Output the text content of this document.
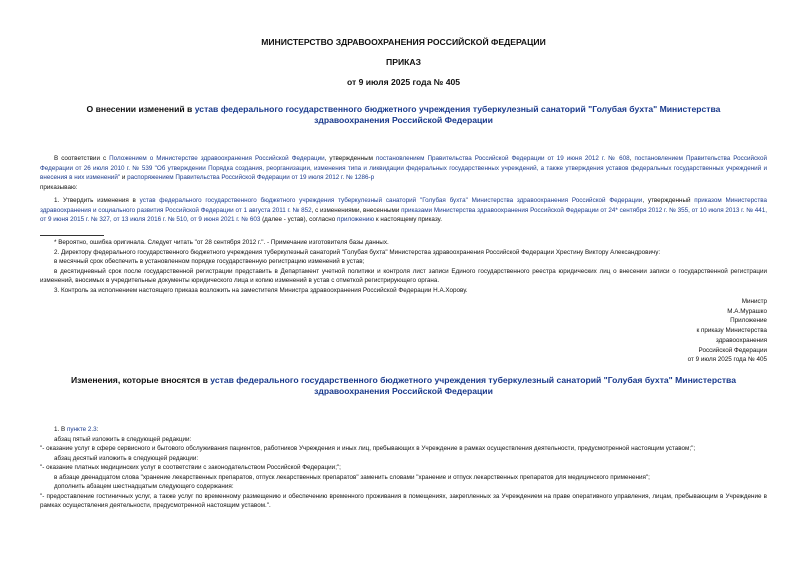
МИНИСТЕРСТВО ЗДРАВООХРАНЕНИЯ РОССИЙСКОЙ ФЕДЕРАЦИИ
ПРИКАЗ
от 9 июля 2025 года № 405
О внесении изменений в устав федерального государственного бюджетного учреждения туберкулезный санаторий "Голубая бухта" Министерства здравоохранения Российской Федерации

В соответствии с Положением о Министерстве здравоохранения Российской Федерации, утвержденным постановлением Правительства Российской Федерации от 19 июня 2012 г. № 608, постановлением Правительства Российской Федерации от 26 июля 2010 г. № 539 "Об утверждении Порядка создания, реорганизации, изменения типа и ликвидации федеральных государственных учреждений, а также утверждения уставов федеральных государственных учреждений и внесения в них изменений" и распоряжением Правительства Российской Федерации от 19 июля 2012 г. № 1286-р

приказываю:

1. Утвердить изменения в устав федерального государственного бюджетного учреждения туберкулезный санаторий "Голубая бухта" Министерства здравоохранения Российской Федерации, утвержденный приказом Министерства здравоохранения и социального развития Российской Федерации от 1 августа 2011 г. № 852, с изменениями, внесенными приказами Министерства здравоохранения Российской Федерации от 24* сентября 2012 г. № 355, от 10 июля 2013 г. № 441, от 9 июня 2015 г. № 327, от 13 июля 2016 г. № 510, от 9 июня 2021 г. № 603 (далее - устав), согласно приложению к настоящему приказу.

* Вероятно, ошибка оригинала. Следует читать "от 28 сентября 2012 г.". - Примечание изготовителя базы данных.

2. Директору федерального государственного бюджетного учреждения туберкулезный санаторий "Голубая бухта" Министерства здравоохранения Российской Федерации Хрестину Виктору Александровичу:

в месячный срок обеспечить в установленном порядке государственную регистрацию изменений в устав;

в десятидневный срок после государственной регистрации представить в Департамент учетной политики и контроля лист записи Единого государственного реестра юридических лиц о внесении записи о государственной регистрации изменений, вносимых в учредительные документы юридического лица и копию изменений в устав с отметкой регистрирующего органа.

3. Контроль за исполнением настоящего приказа возложить на заместителя Министра здравоохранения Российской Федерации Н.А.Хорову.

Министр
М.А.Мурашко
Приложение
к приказу Министерства
здравоохранения
Российской Федерации
от 9 июля 2025 года № 405
Изменения, которые вносятся в устав федерального государственного бюджетного учреждения туберкулезный санаторий "Голубая бухта" Министерства здравоохранения Российской Федерации

1. В пункте 2.3:

абзац пятый изложить в следующей редакции:

"- оказание услуг в сфере сервисного и бытового обслуживания пациентов, работников Учреждения и иных лиц, пребывающих в Учреждение в рамках осуществления деятельности, предусмотренной настоящим уставом;";

абзац десятый изложить в следующей редакции:

"- оказание платных медицинских услуг в соответствии с законодательством Российской Федерации;";

в абзаце двенадцатом слова "хранение лекарственных препаратов, отпуск лекарственных препаратов" заменить словами "хранение и отпуск лекарственных препаратов для медицинского применения";

дополнить абзацем шестнадцатым следующего содержания:

"- предоставление гостиничных услуг, а также услуг по временному размещению и обеспечению временного проживания в помещениях, закрепленных за Учреждением на праве оперативного управления, лицам, пребывающим в Учреждение в рамках осуществления деятельности, предусмотренной настоящим уставом.".
